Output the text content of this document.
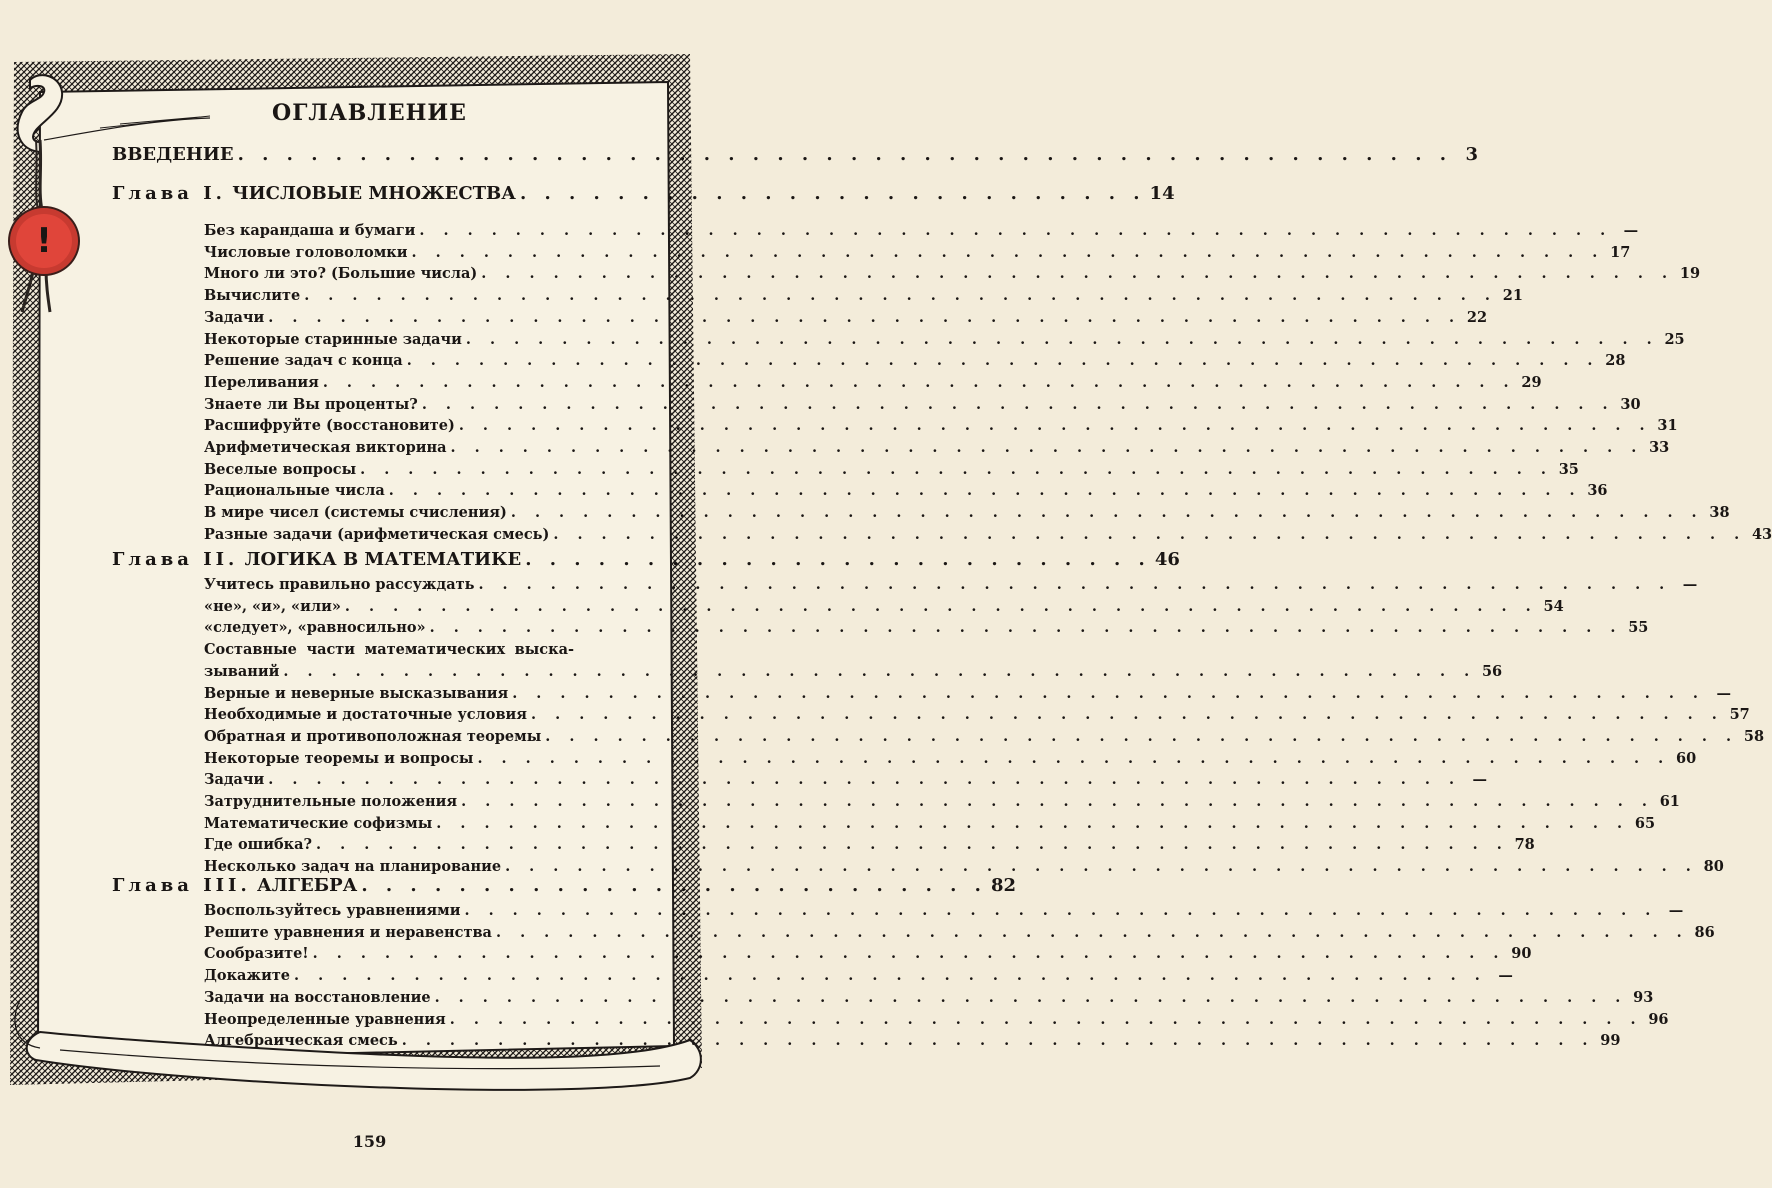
!
ОГЛАВЛЕНИЕ
ВВЕДЕНИЕ . . . . . . . . . . . . . . . . . . . . . . . . . . . . . . . . . . . . . . . . . . . . . . . . . . 3
Глава I. ЧИСЛОВЫЕ МНОЖЕСТВА . . . . . . . . . . . . . . . . . . . . . . . . . . 14
Без карандаша и бумаги . . . . . . . . . . . . . . . . . . . . . . . . . . . . . . . . . . . . . . . . . . . . . . . . . . —
Числовые головоломки . . . . . . . . . . . . . . . . . . . . . . . . . . . . . . . . . . . . . . . . . . . . . . . . . . 17
Много ли это? (Большие числа) . . . . . . . . . . . . . . . . . . . . . . . . . . . . . . . . . . . . . . . . . . . . . . . . . . 19
Вычислите . . . . . . . . . . . . . . . . . . . . . . . . . . . . . . . . . . . . . . . . . . . . . . . . . . 21
Задачи . . . . . . . . . . . . . . . . . . . . . . . . . . . . . . . . . . . . . . . . . . . . . . . . . . 22
Некоторые старинные задачи . . . . . . . . . . . . . . . . . . . . . . . . . . . . . . . . . . . . . . . . . . . . . . . . . . 25
Решение задач с конца . . . . . . . . . . . . . . . . . . . . . . . . . . . . . . . . . . . . . . . . . . . . . . . . . . 28
Переливания . . . . . . . . . . . . . . . . . . . . . . . . . . . . . . . . . . . . . . . . . . . . . . . . . . 29
Знаете ли Вы проценты? . . . . . . . . . . . . . . . . . . . . . . . . . . . . . . . . . . . . . . . . . . . . . . . . . . 30
Расшифруйте (восстановите) . . . . . . . . . . . . . . . . . . . . . . . . . . . . . . . . . . . . . . . . . . . . . . . . . . 31
Арифметическая викторина . . . . . . . . . . . . . . . . . . . . . . . . . . . . . . . . . . . . . . . . . . . . . . . . . . 33
Веселые вопросы . . . . . . . . . . . . . . . . . . . . . . . . . . . . . . . . . . . . . . . . . . . . . . . . . . 35
Рациональные числа . . . . . . . . . . . . . . . . . . . . . . . . . . . . . . . . . . . . . . . . . . . . . . . . . . 36
В мире чисел (системы счисления) . . . . . . . . . . . . . . . . . . . . . . . . . . . . . . . . . . . . . . . . . . . . . . . . . . 38
Разные задачи (арифметическая смесь) . . . . . . . . . . . . . . . . . . . . . . . . . . . . . . . . . . . . . . . . . . . . . . . . . . 43
Глава II. ЛОГИКА В МАТЕМАТИКЕ . . . . . . . . . . . . . . . . . . . . . . . . . . 46
Учитесь правильно рассуждать . . . . . . . . . . . . . . . . . . . . . . . . . . . . . . . . . . . . . . . . . . . . . . . . . . —
«не», «и», «или» . . . . . . . . . . . . . . . . . . . . . . . . . . . . . . . . . . . . . . . . . . . . . . . . . . 54
«следует», «равносильно» . . . . . . . . . . . . . . . . . . . . . . . . . . . . . . . . . . . . . . . . . . . . . . . . . . 55
Составные части математических выска-
зываний . . . . . . . . . . . . . . . . . . . . . . . . . . . . . . . . . . . . . . . . . . . . . . . . . . 56
Верные и неверные высказывания . . . . . . . . . . . . . . . . . . . . . . . . . . . . . . . . . . . . . . . . . . . . . . . . . . —
Необходимые и достаточные условия . . . . . . . . . . . . . . . . . . . . . . . . . . . . . . . . . . . . . . . . . . . . . . . . . . 57
Обратная и противоположная теоремы . . . . . . . . . . . . . . . . . . . . . . . . . . . . . . . . . . . . . . . . . . . . . . . . . . 58
Некоторые теоремы и вопросы . . . . . . . . . . . . . . . . . . . . . . . . . . . . . . . . . . . . . . . . . . . . . . . . . . 60
Задачи . . . . . . . . . . . . . . . . . . . . . . . . . . . . . . . . . . . . . . . . . . . . . . . . . . —
Затруднительные положения . . . . . . . . . . . . . . . . . . . . . . . . . . . . . . . . . . . . . . . . . . . . . . . . . . 61
Математические софизмы . . . . . . . . . . . . . . . . . . . . . . . . . . . . . . . . . . . . . . . . . . . . . . . . . . 65
Где ошибка? . . . . . . . . . . . . . . . . . . . . . . . . . . . . . . . . . . . . . . . . . . . . . . . . . . 78
Несколько задач на планирование . . . . . . . . . . . . . . . . . . . . . . . . . . . . . . . . . . . . . . . . . . . . . . . . . . 80
Глава III. АЛГЕБРА . . . . . . . . . . . . . . . . . . . . . . . . . . 82
Воспользуйтесь уравнениями . . . . . . . . . . . . . . . . . . . . . . . . . . . . . . . . . . . . . . . . . . . . . . . . . . —
Решите уравнения и неравенства . . . . . . . . . . . . . . . . . . . . . . . . . . . . . . . . . . . . . . . . . . . . . . . . . . 86
Сообразите! . . . . . . . . . . . . . . . . . . . . . . . . . . . . . . . . . . . . . . . . . . . . . . . . . . 90
Докажите . . . . . . . . . . . . . . . . . . . . . . . . . . . . . . . . . . . . . . . . . . . . . . . . . . —
Задачи на восстановление . . . . . . . . . . . . . . . . . . . . . . . . . . . . . . . . . . . . . . . . . . . . . . . . . . 93
Неопределенные уравнения . . . . . . . . . . . . . . . . . . . . . . . . . . . . . . . . . . . . . . . . . . . . . . . . . . 96
Алгебраическая смесь . . . . . . . . . . . . . . . . . . . . . . . . . . . . . . . . . . . . . . . . . . . . . . . . . . 99
159
